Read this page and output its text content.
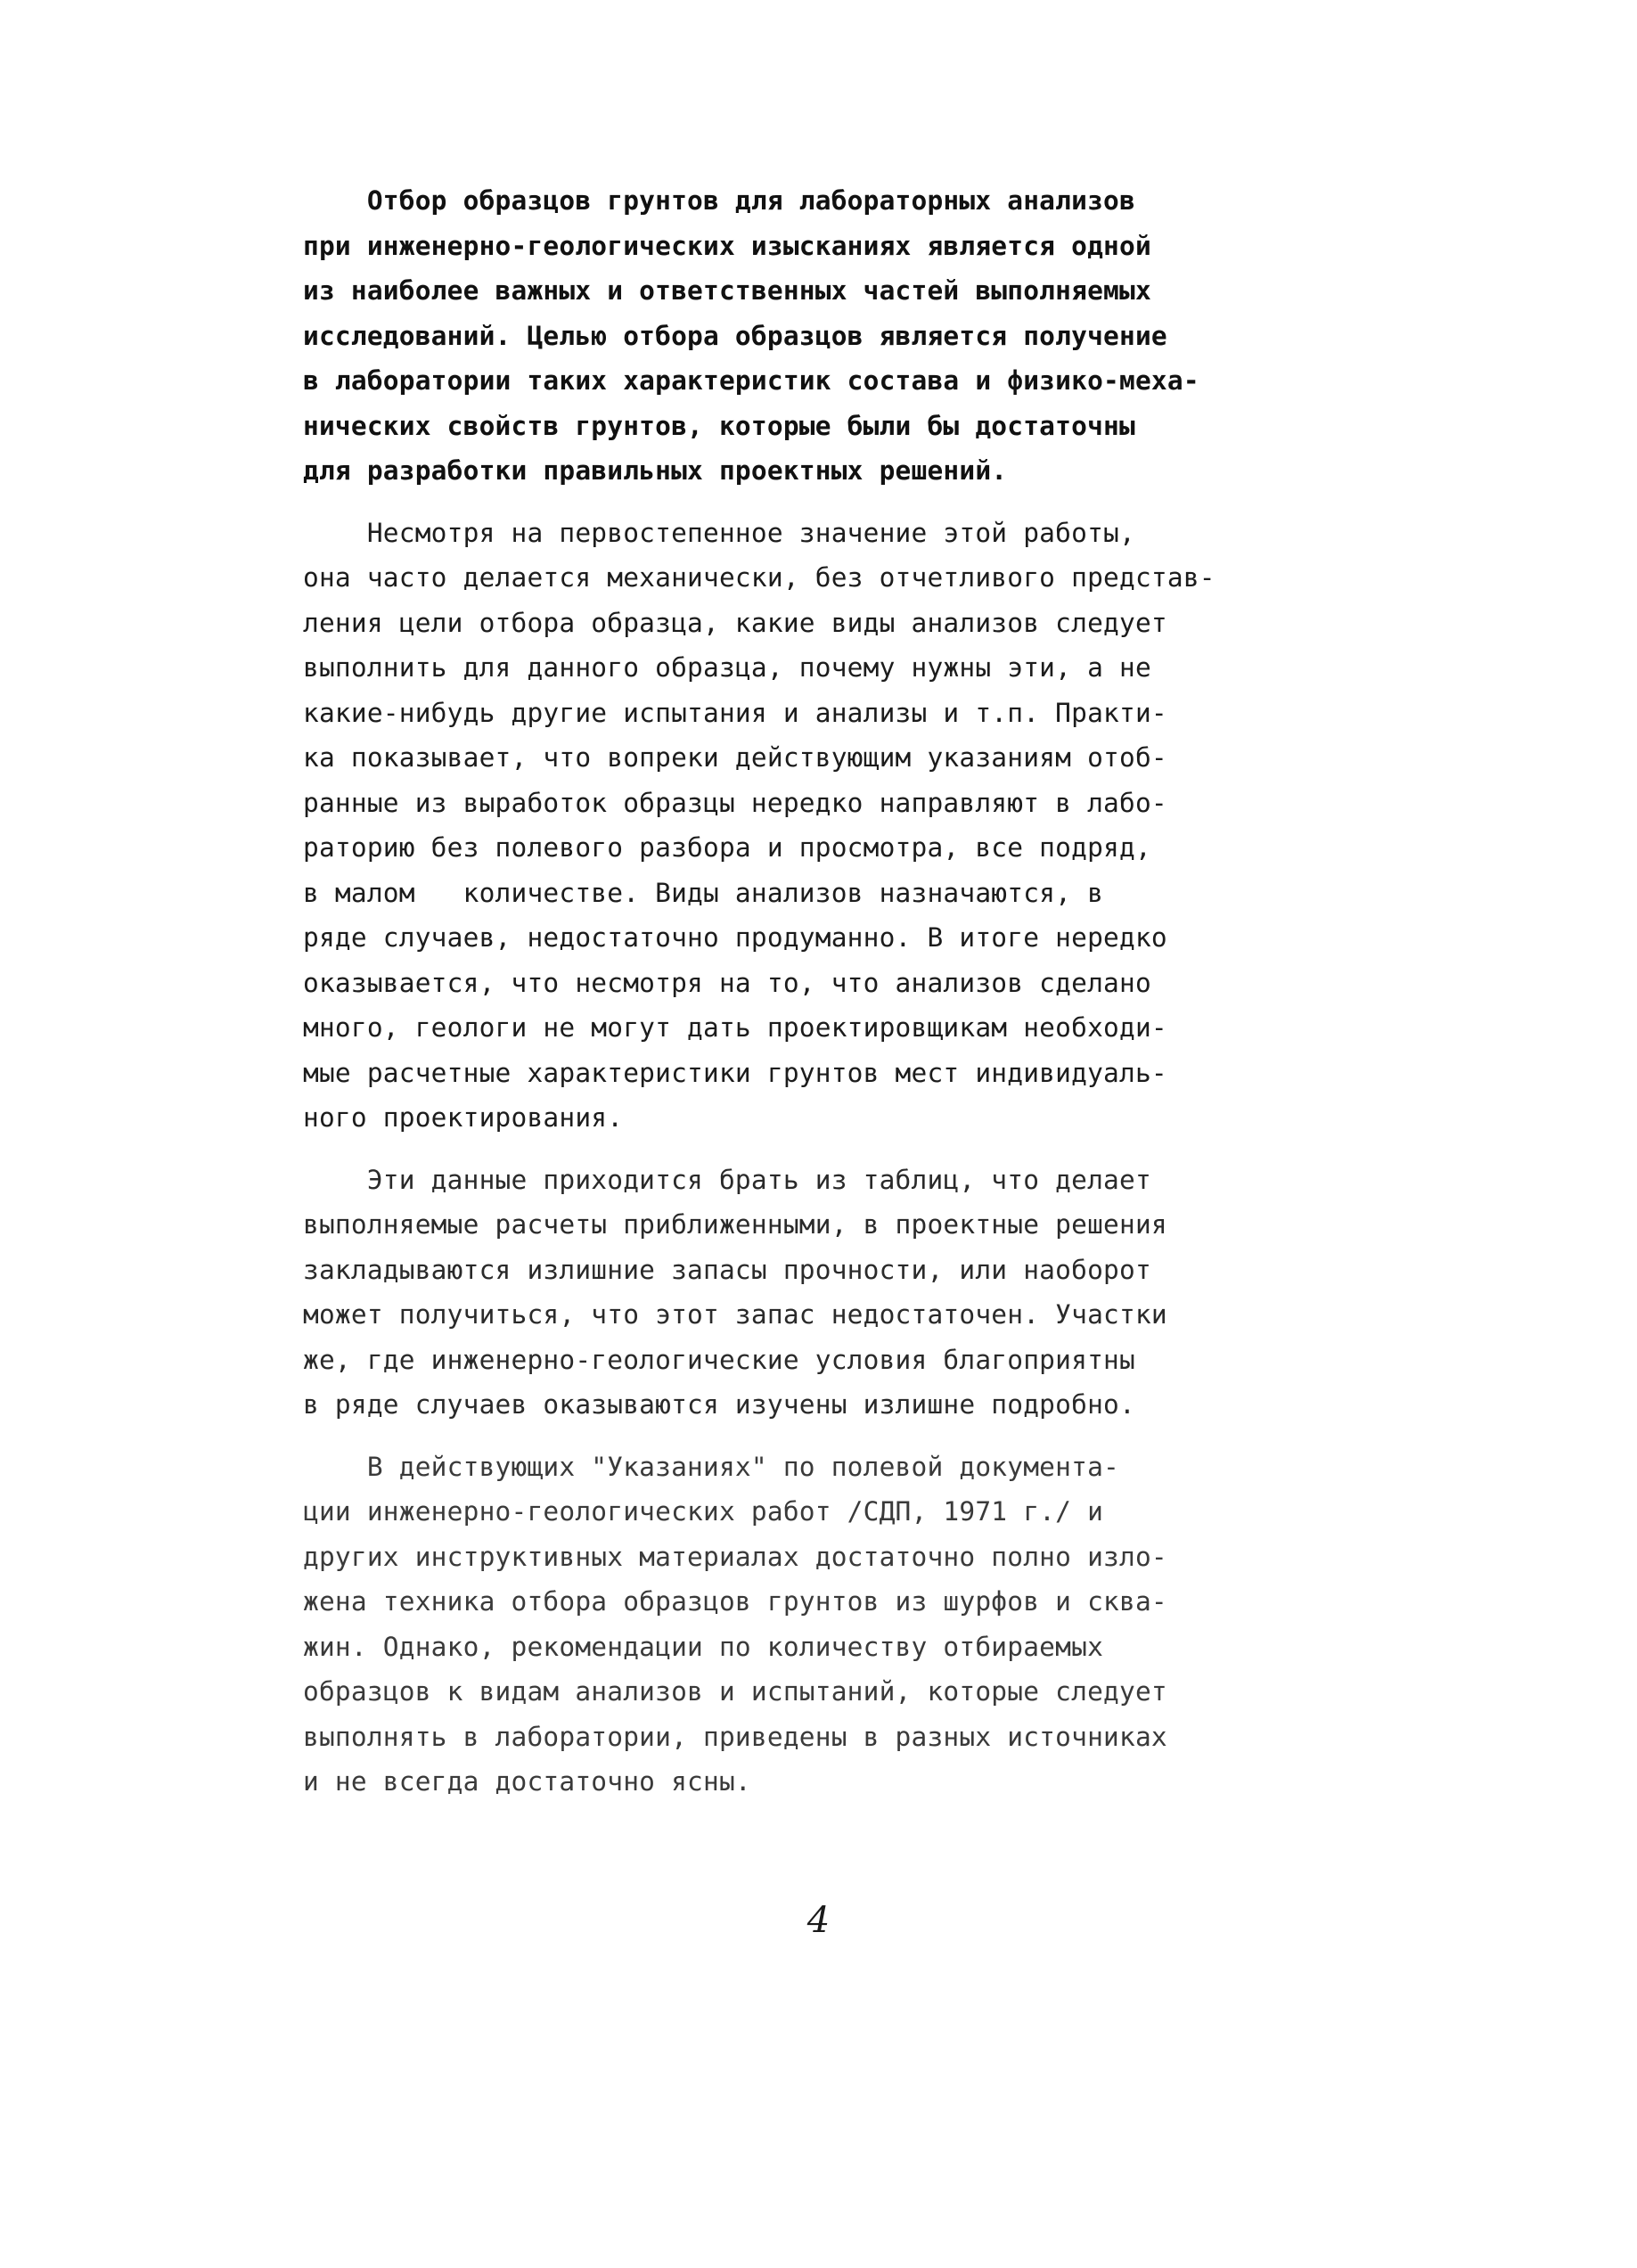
Отбор образцов грунтов для лабораторных анализов
при инженерно-геологических изысканиях является одной
из наиболее важных и ответственных частей выполняемых
исследований. Целью отбора образцов является получение
в лаборатории таких характеристик состава и физико-меха-
нических свойств грунтов, которые были бы достаточны
для разработки правильных проектных решений.
Несмотря на первостепенное значение этой работы,
она часто делается механически, без отчетливого представ-
ления цели отбора образца, какие виды анализов следует
выполнить для данного образца, почему нужны эти, а не
какие-нибудь другие испытания и анализы и т.п. Практи-
ка показывает, что вопреки действующим указаниям отоб-
ранные из выработок образцы нередко направляют в лабо-
раторию без полевого разбора и просмотра, все подряд,
в малом   количестве. Виды анализов назначаются, в
ряде случаев, недостаточно продуманно. В итоге нередко
оказывается, что несмотря на то, что анализов сделано
много, геологи не могут дать проектировщикам необходи-
мые расчетные характеристики грунтов мест индивидуаль-
ного проектирования.
Эти данные приходится брать из таблиц, что делает
выполняемые расчеты приближенными, в проектные решения
закладываются излишние запасы прочности, или наоборот
может получиться, что этот запас недостаточен. Участки
же, где инженерно-геологические условия благоприятны
в ряде случаев оказываются изучены излишне подробно.
В действующих "Указаниях" по полевой документа-
ции инженерно-геологических работ /СДП, 1971 г./ и
других инструктивных материалах достаточно полно изло-
жена техника отбора образцов грунтов из шурфов и сква-
жин. Однако, рекомендации по количеству отбираемых
образцов к видам анализов и испытаний, которые следует
выполнять в лаборатории, приведены в разных источниках
и не всегда достаточно ясны.
4
